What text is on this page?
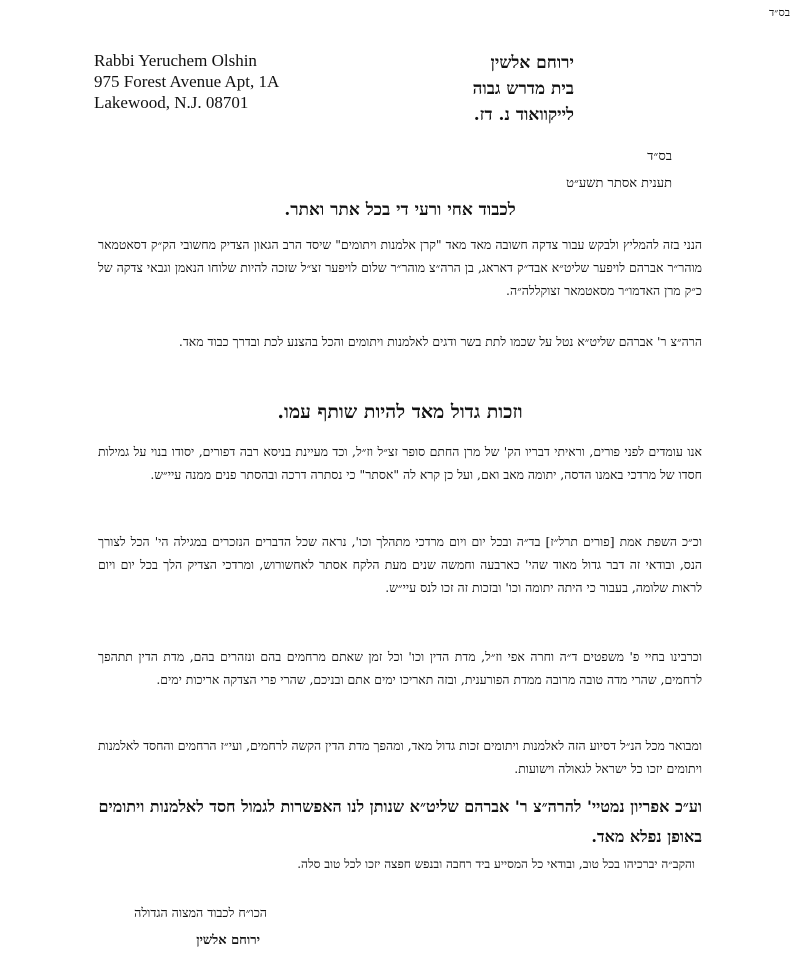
בס״ד
Rabbi Yeruchem Olshin
975 Forest Avenue Apt, 1A
Lakewood, N.J. 08701
ירוחם אלשין
בית מדרש גבוה
לייקוואוד נ. דז.
בס״ד
תענית אסתר תשע״ט
לכבוד אחי ורעי די בכל אתר ואתר.
הנני בזה להמליץ ולבקש עבור צדקה חשובה מאד מאד "קרן אלמנות ויתומים" שיסד הרב הגאון הצדיק מחשובי הק״ק דסאטמאר מוהר״ר אברהם לויפער שליט״א אבד״ק דאראג, בן הרה״צ מוהר״ר שלום לויפער זצ״ל שזכה להיות שלוחו הנאמן וגבאי צדקה של כ״ק מרן האדמו״ר מסאטמאר זצוקללה״ה.
הרה״צ ר' אברהם שליט״א נטל על שכמו לתת בשר ודגים לאלמנות ויתומים והכל בהצנע לכת ובדרך כבוד מאד.
וזכות גדול מאד להיות שותף עמו.
אנו עומדים לפני פורים, וראיתי דבריו הק' של מרן החתם סופר זצ״ל וז״ל, וכד מעיינת בניסא רבה דפורים, יסודו בנוי על גמילות חסדו של מרדכי באמנו הדסה, יתומה מאב ואם, ועל כן קרא לה "אסתר" כי נסתרה דרכה ובהסתר פנים ממנה עיי״ש.
וכ״כ השפת אמת [פורים תרל״ז] בד״ה ובכל יום ויום מרדכי מתהלך וכו', נראה שכל הדברים הנזכרים במגילה הי' הכל לצורך הנס, ובודאי זה דבר גדול מאוד שהי' כארבעה וחמשה שנים מעת הלקח אסתר לאחשורוש, ומרדכי הצדיק הלך בכל יום ויום לראות שלומה, בעבור כי היתה יתומה וכו' ובזכות זה זכו לנס עיי״ש.
וכרבינו בחיי פ' משפטים ד״ה וחרה אפי וז״ל, מדת הדין וכו' וכל זמן שאתם מרחמים בהם ונזהרים בהם, מדת הדין תתהפך לרחמים, שהרי מדה טובה מרובה ממדת הפורענית, ובזה תאריכו ימים אתם ובניכם, שהרי פרי הצדקה אריכות ימים.
ומבואר מכל הנ״ל דסיוע הזה לאלמנות ויתומים זכות גדול מאד, ומהפך מדת הדין הקשה לרחמים, ועי״ז הרחמים והחסד לאלמנות ויתומים יזכו כל ישראל לגאולה וישועות.
וע״כ אפריון נמטיי' להרה״צ ר' אברהם שליט״א שנותן לנו האפשרות לגמול חסד לאלמנות ויתומים באופן נפלא מאד.
והקב״ה יברכיהו בכל טוב, ובודאי כל המסייע ביד רחבה ובנפש חפצה יזכו לכל טוב סלה.
הכו״ח לכבוד המצוה הגדולה
ירוחם אלשין
